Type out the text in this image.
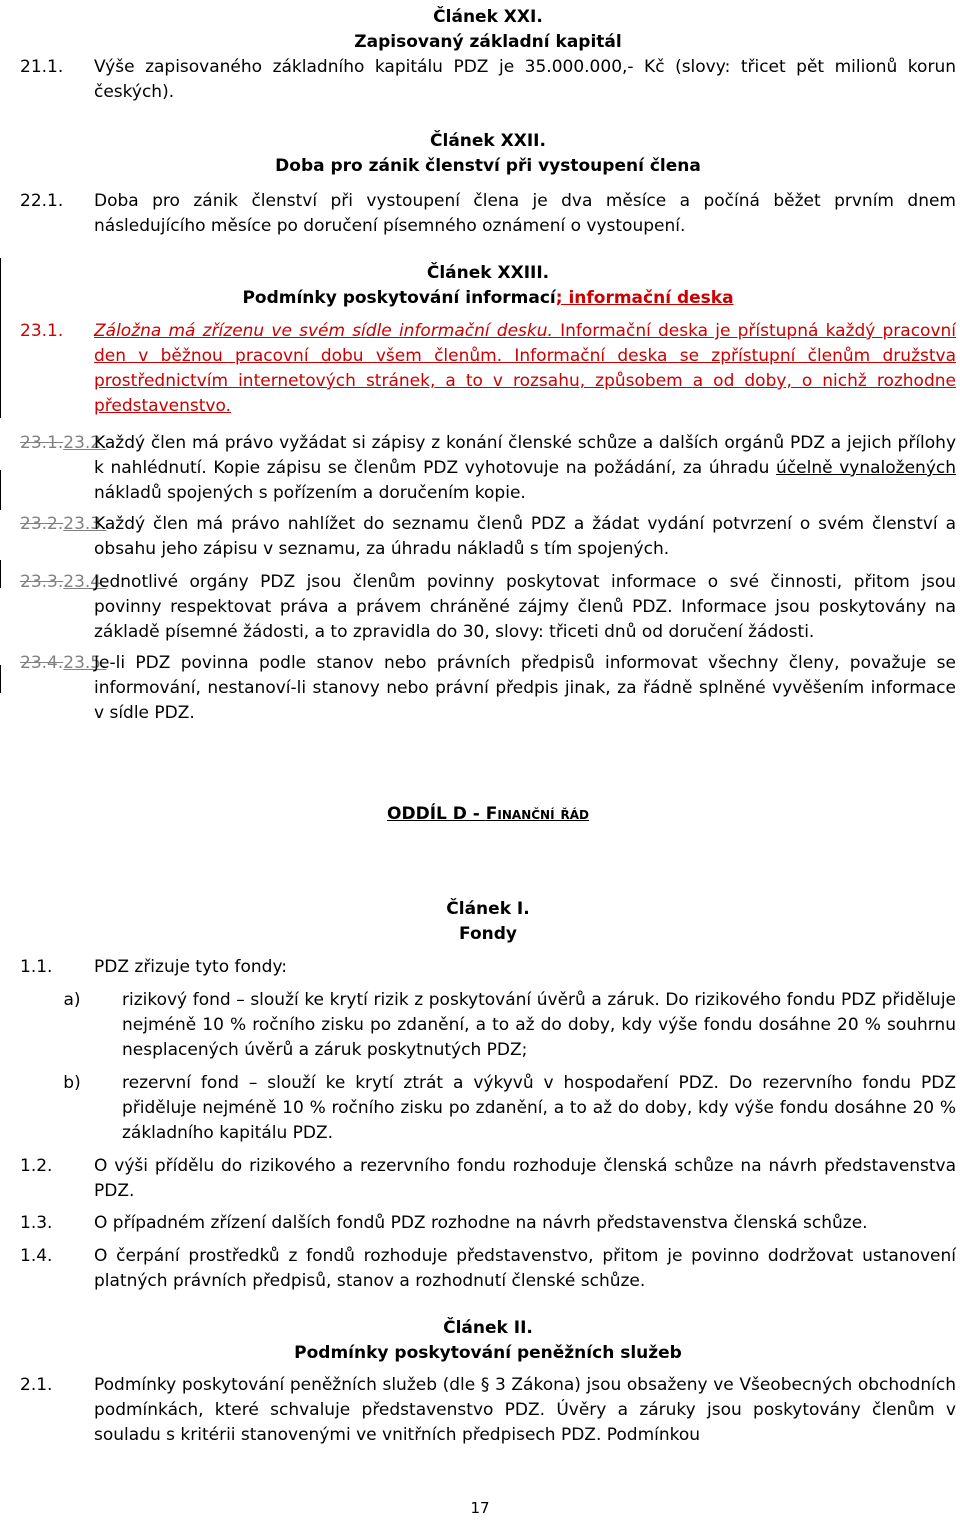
Článek XXI.
Zapisovaný základní kapitál
21.1.	Výše zapisovaného základního kapitálu PDZ je 35.000.000,- Kč (slovy: třicet pět milionů korun českých).
Článek XXII.
Doba pro zánik členství při vystoupení člena
22.1.	Doba pro zánik členství při vystoupení člena je dva měsíce a počíná běžet prvním dnem následujícího měsíce po doručení písemného oznámení o vystoupení.
Článek XXIII.
Podmínky poskytování informací; informační deska
23.1.	Záložna má zřízenu ve svém sídle informační desku. Informační deska je přístupná každý pracovní den v běžnou pracovní dobu všem členům. Informační deska se zpřístupní členům družstva prostřednictvím internetových stránek, a to v rozsahu, způsobem a od doby, o nichž rozhodne představenstvo.
23.1.23.2.
Každý člen má právo vyžádat si zápisy z konání členské schůze a dalších orgánů PDZ a jejich přílohy k nahlédnutí. Kopie zápisu se členům PDZ vyhotovuje na požádání, za úhradu účelně vynaložených nákladů spojených s pořízením a doručením kopie.
23.2.23.3.
Každý člen má právo nahlížet do seznamu členů PDZ a žádat vydání potvrzení o svém členství a obsahu jeho zápisu v seznamu, za úhradu nákladů s tím spojených.
23.3.23.4.
Jednotlivé orgány PDZ jsou členům povinny poskytovat informace o své činnosti, přitom jsou povinny respektovat práva a právem chráněné zájmy členů PDZ. Informace jsou poskytovány na základě písemné žádosti, a to zpravidla do 30, slovy: třiceti dnů od doručení žádosti.
23.4.23.5.
Je-li PDZ povinna podle stanov nebo právních předpisů informovat všechny členy, považuje se informování, nestanoví-li stanovy nebo právní předpis jinak, za řádně splněné vyvěšením informace v sídle PDZ.
ODDÍL D - Finanční řád
Článek I.
Fondy
1.1.	PDZ zřizuje tyto fondy:
a)	rizikový fond – slouží ke krytí rizik z poskytování úvěrů a záruk. Do rizikového fondu PDZ přiděluje nejméně 10 % ročního zisku po zdanění, a to až do doby, kdy výše fondu dosáhne 20 % souhrnu nesplacených úvěrů a záruk poskytnutých PDZ;
b)	rezervní fond – slouží ke krytí ztrát a výkyvů v hospodaření PDZ. Do rezervního fondu PDZ přiděluje nejméně 10 % ročního zisku po zdanění, a to až do doby, kdy výše fondu dosáhne 20 % základního kapitálu PDZ.
1.2.	O výši přídělu do rizikového a rezervního fondu rozhoduje členská schůze na návrh představenstva PDZ.
1.3.	O případném zřízení dalších fondů PDZ rozhodne na návrh představenstva členská schůze.
1.4.	O čerpání prostředků z fondů rozhoduje představenstvo, přitom je povinno dodržovat ustanovení platných právních předpisů, stanov a rozhodnutí členské schůze.
Článek II.
Podmínky poskytování peněžních služeb
2.1.	Podmínky poskytování peněžních služeb (dle § 3 Zákona) jsou obsaženy ve Všeobecných obchodních podmínkách, které schvaluje představenstvo PDZ. Úvěry a záruky jsou poskytovány členům v souladu s kritérii stanovenými ve vnitřních předpisech PDZ. Podmínkou
17
